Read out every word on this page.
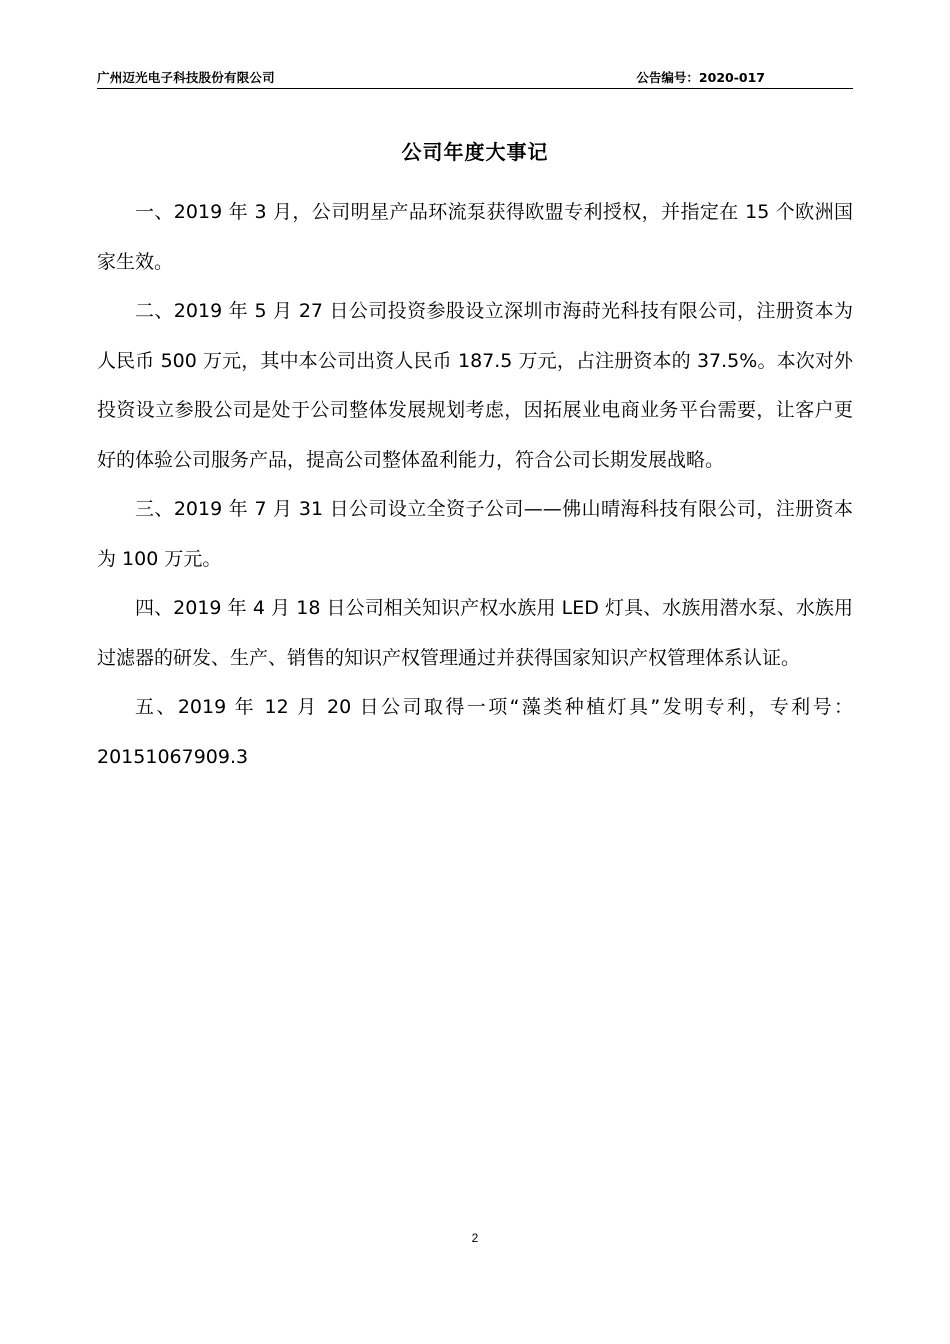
广州迈光电子科技股份有限公司	公告编号：2020-017
公司年度大事记

一、2019 年 3 月，公司明星产品环流泵获得欧盟专利授权，并指定在 15 个欧洲国家生效。

二、2019 年 5 月 27 日公司投资参股设立深圳市海莳光科技有限公司，注册资本为人民币 500 万元，其中本公司出资人民币 187.5 万元，占注册资本的 37.5%。本次对外投资设立参股公司是处于公司整体发展规划考虑，因拓展业电商业务平台需要，让客户更好的体验公司服务产品，提高公司整体盈利能力，符合公司长期发展战略。

三、2019 年 7 月 31 日公司设立全资子公司——佛山晴海科技有限公司，注册资本为 100 万元。

四、2019 年 4 月 18 日公司相关知识产权水族用 LED 灯具、水族用潜水泵、水族用过滤器的研发、生产、销售的知识产权管理通过并获得国家知识产权管理体系认证。

五、2019 年 12 月 20 日公司取得一项“藻类种植灯具”发明专利，专利号：20151067909.3

2
